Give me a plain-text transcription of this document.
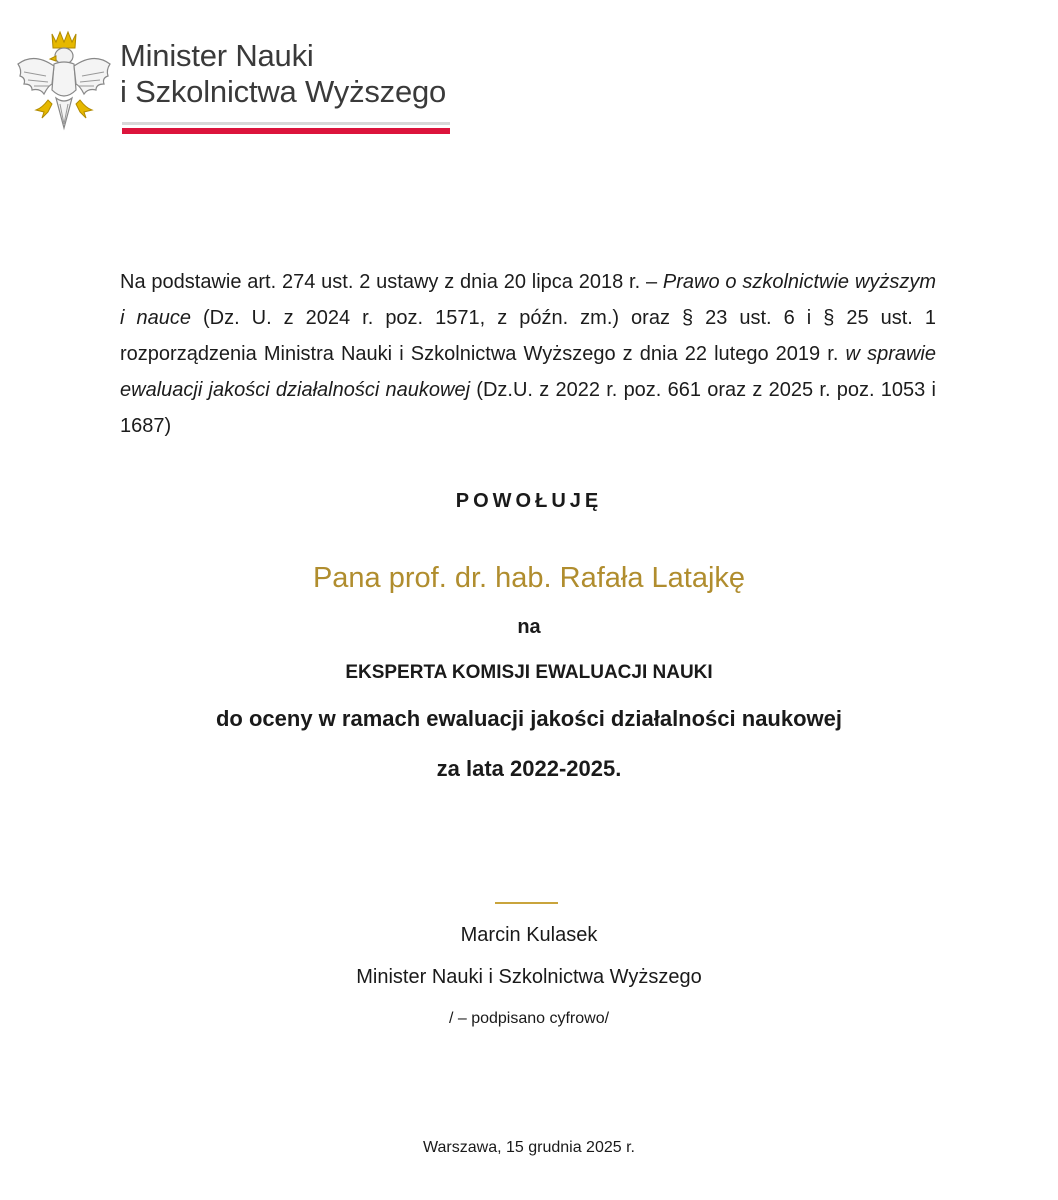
Minister Nauki
i Szkolnictwa Wyższego
Na podstawie art. 274 ust. 2 ustawy z dnia 20 lipca 2018 r. – Prawo o szkolnictwie wyższym i nauce (Dz. U. z 2024 r. poz. 1571, z późn. zm.) oraz § 23 ust. 6 i § 25 ust. 1 rozporządzenia Ministra Nauki i Szkolnictwa Wyższego z dnia 22 lutego 2019 r. w sprawie ewaluacji jakości działalności naukowej (Dz.U. z 2022 r. poz. 661 oraz z 2025 r. poz. 1053 i 1687)
POWOŁUJĘ
Pana prof. dr. hab. Rafała Latajkę
na
EKSPERTA KOMISJI EWALUACJI NAUKI
do oceny w ramach ewaluacji jakości działalności naukowej
za lata 2022-2025.
Marcin Kulasek
Minister Nauki i Szkolnictwa Wyższego
/ – podpisano cyfrowo/
Warszawa, 15 grudnia 2025 r.
